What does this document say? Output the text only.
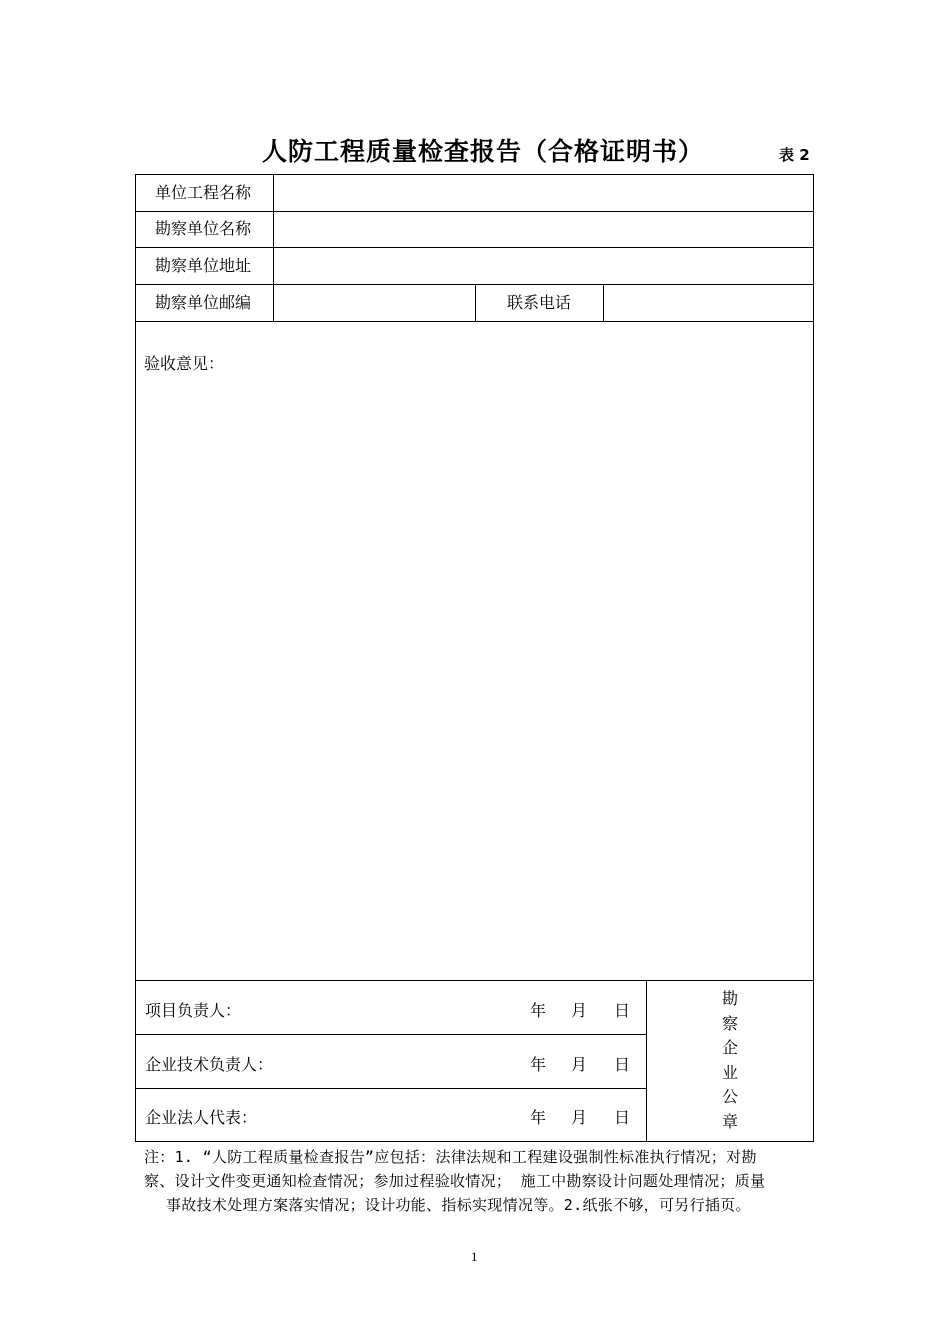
人防工程质量检查报告（合格证明书）	表 2
单位工程名称
勘察单位名称
勘察单位地址
勘察单位邮编	联系电话
验收意见：
项目负责人：	年 月 日
企业技术负责人：	年 月 日
企业法人代表：	年 月 日
勘
察
企
业
公
章
注：1. “人防工程质量检查报告”应包括：法律法规和工程建设强制性标准执行情况；对勘
察、设计文件变更通知检查情况；参加过程验收情况； 施工中勘察设计问题处理情况；质量
事故技术处理方案落实情况；设计功能、指标实现情况等。2.纸张不够，可另行插页。
1
